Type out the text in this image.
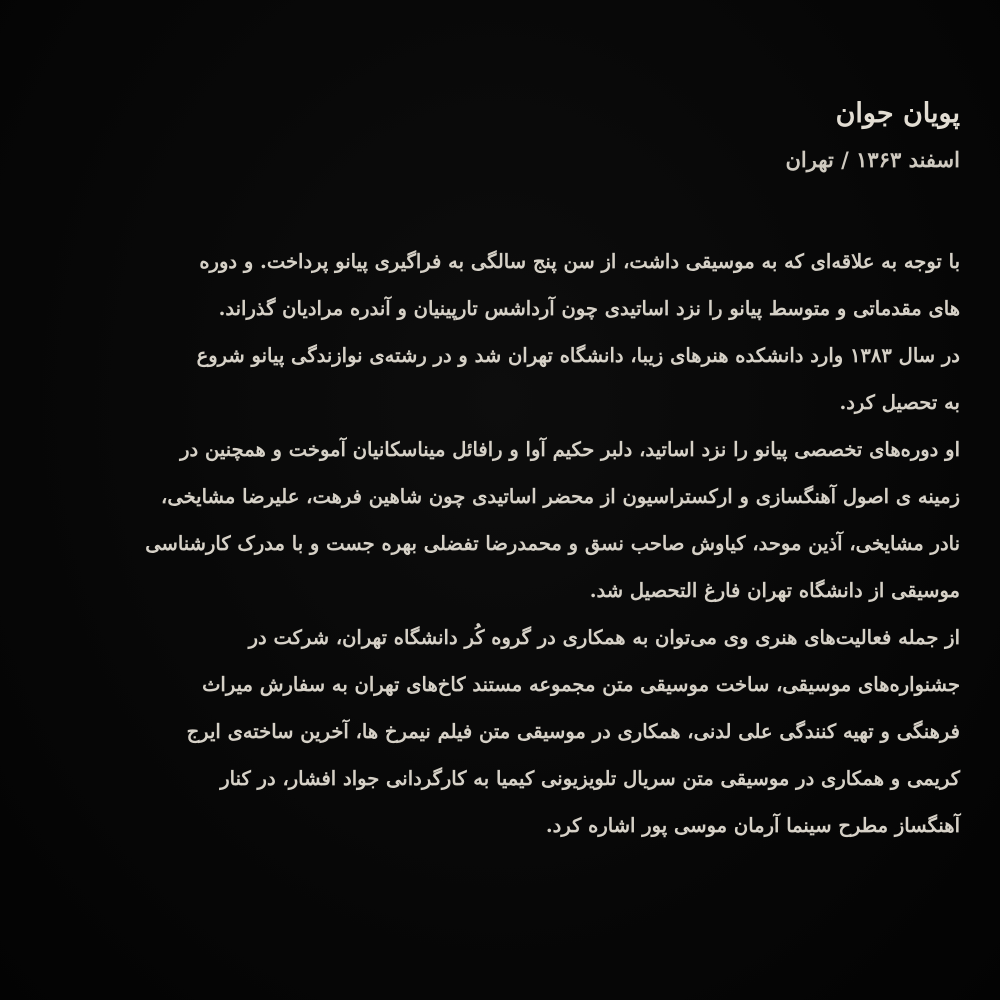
پویان جوان
اسفند ۱۳۶۳ / تهران
با توجه به علاقه‌ای که به موسیقی داشت، از سن پنج سالگی به فراگیری پیانو پرداخت. و دوره
های مقدماتی و متوسط پیانو را نزد اساتیدی چون آرداشس تارپینیان و آندره مرادیان گذراند.
در سال ۱۳۸۳ وارد دانشکده هنرهای زیبا، دانشگاه تهران شد و در رشته‌ی نوازندگی پیانو شروع
به تحصیل کرد.
او دوره‌های تخصصی پیانو را نزد اساتید، دلبر حکیم آوا و رافائل میناسکانیان آموخت و همچنین در
زمینه ی اصول آهنگسازی و ارکستراسیون از محضر اساتیدی چون شاهین فرهت، علیرضا مشایخی،
نادر مشایخی، آذین موحد، کیاوش صاحب نسق و محمدرضا تفضلی بهره جست و با مدرک کارشناسی
موسیقی از دانشگاه تهران فارغ التحصیل شد.
از جمله فعالیت‌های هنری وی می‌توان به همکاری در گروه کُر دانشگاه تهران، شرکت در
جشنواره‌های موسیقی، ساخت موسیقی متن مجموعه مستند کاخ‌های تهران به سفارش میراث
فرهنگی و تهیه کنندگی علی لدنی، همکاری در موسیقی متن فیلم نیمرخ ها، آخرین ساخته‌ی ایرج
کریمی و همکاری در موسیقی متن سریال تلویزیونی کیمیا به کارگردانی جواد افشار، در کنار
آهنگساز مطرح سینما آرمان موسی پور اشاره کرد.
